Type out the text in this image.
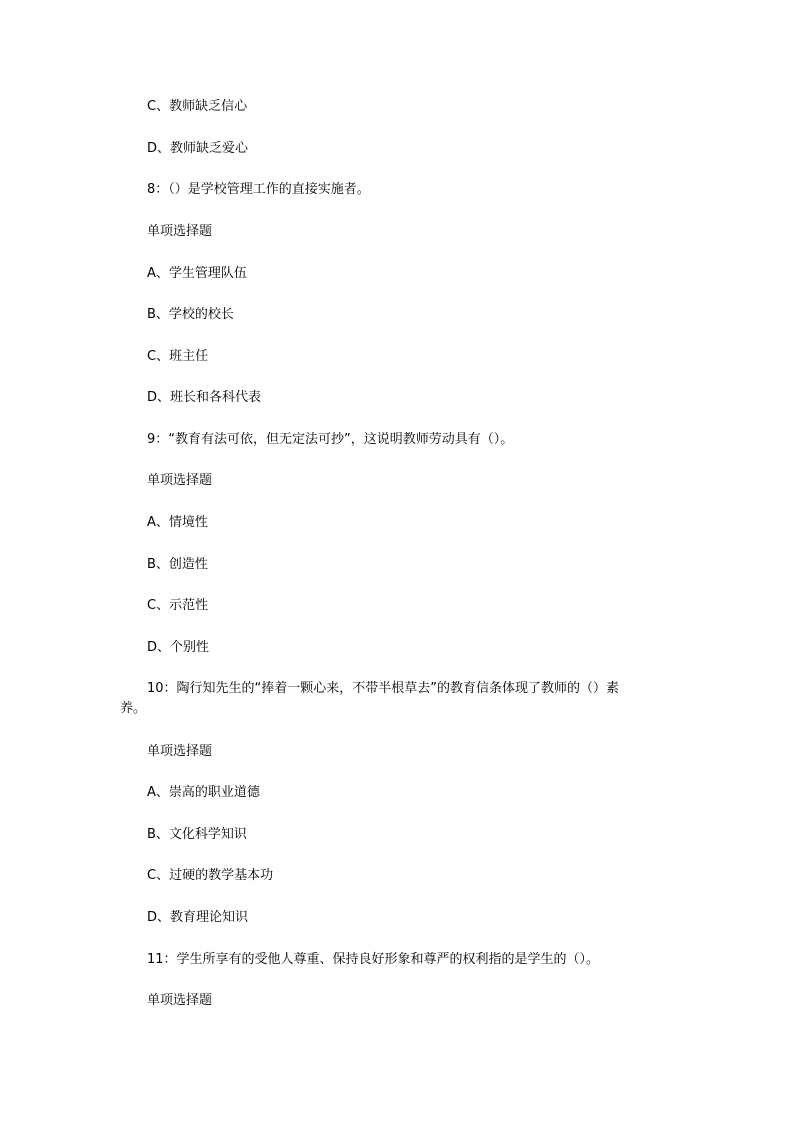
C、教师缺乏信心
D、教师缺乏爱心
8：（）是学校管理工作的直接实施者。
单项选择题
A、学生管理队伍
B、学校的校长
C、班主任
D、班长和各科代表
9：“教育有法可依，但无定法可抄”，这说明教师劳动具有（）。
单项选择题
A、情境性
B、创造性
C、示范性
D、个别性
10：陶行知先生的“捧着一颗心来，不带半根草去”的教育信条体现了教师的（）素养。
单项选择题
A、崇高的职业道德
B、文化科学知识
C、过硬的教学基本功
D、教育理论知识
11：学生所享有的受他人尊重、保持良好形象和尊严的权利指的是学生的（）。
单项选择题
